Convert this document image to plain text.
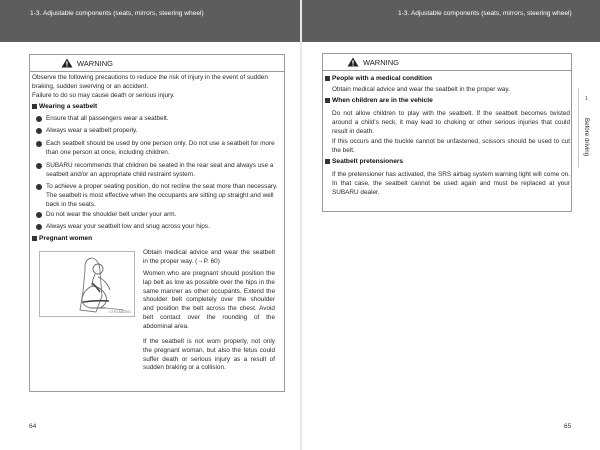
1-3. Adjustable components (seats, mirrors, steering wheel)	1-3. Adjustable components (seats, mirrors, steering wheel)
WARNING
Observe the following precautions to reduce the risk of injury in the event of sudden braking, sudden swerving or an accident.
Failure to do so may cause death or serious injury.
Wearing a seatbelt
Ensure that all passengers wear a seatbelt.
Always wear a seatbelt properly.
Each seatbelt should be used by one person only. Do not use a seatbelt for more than one person at once, including children.
SUBARU recommends that children be seated in the rear seat and always use a seatbelt and/or an appropriate child restraint system.
To achieve a proper seating position, do not recline the seat more than necessary. The seatbelt is most effective when the occupants are sitting up straight and well back in the seats.
Do not wear the shoulder belt under your arm.
Always wear your seatbelt low and snug across your hips.
Pregnant women
CTH1ABZ001
Obtain medical advice and wear the seatbelt in the proper way. (→P. 60)
Women who are pregnant should position the lap belt as low as possible over the hips in the same manner as other occupants. Extend the shoulder belt completely over the shoulder and position the belt across the chest. Avoid belt contact over the rounding of the abdominal area.
If the seatbelt is not worn properly, not only the pregnant woman, but also the fetus could suffer death or serious injury as a result of sudden braking or a collision.
64
WARNING
People with a medical condition
Obtain medical advice and wear the seatbelt in the proper way.
When children are in the vehicle
Do not allow children to play with the seatbelt. If the seatbelt becomes twisted around a child’s neck, it may lead to choking or other serious injuries that could result in death.
If this occurs and the buckle cannot be unfastened, scissors should be used to cut the belt.
Seatbelt pretensioners
If the pretensioner has activated, the SRS airbag system warning light will come on. In that case, the seatbelt cannot be used again and must be replaced at your SUBARU dealer.
1
Before driving
65
